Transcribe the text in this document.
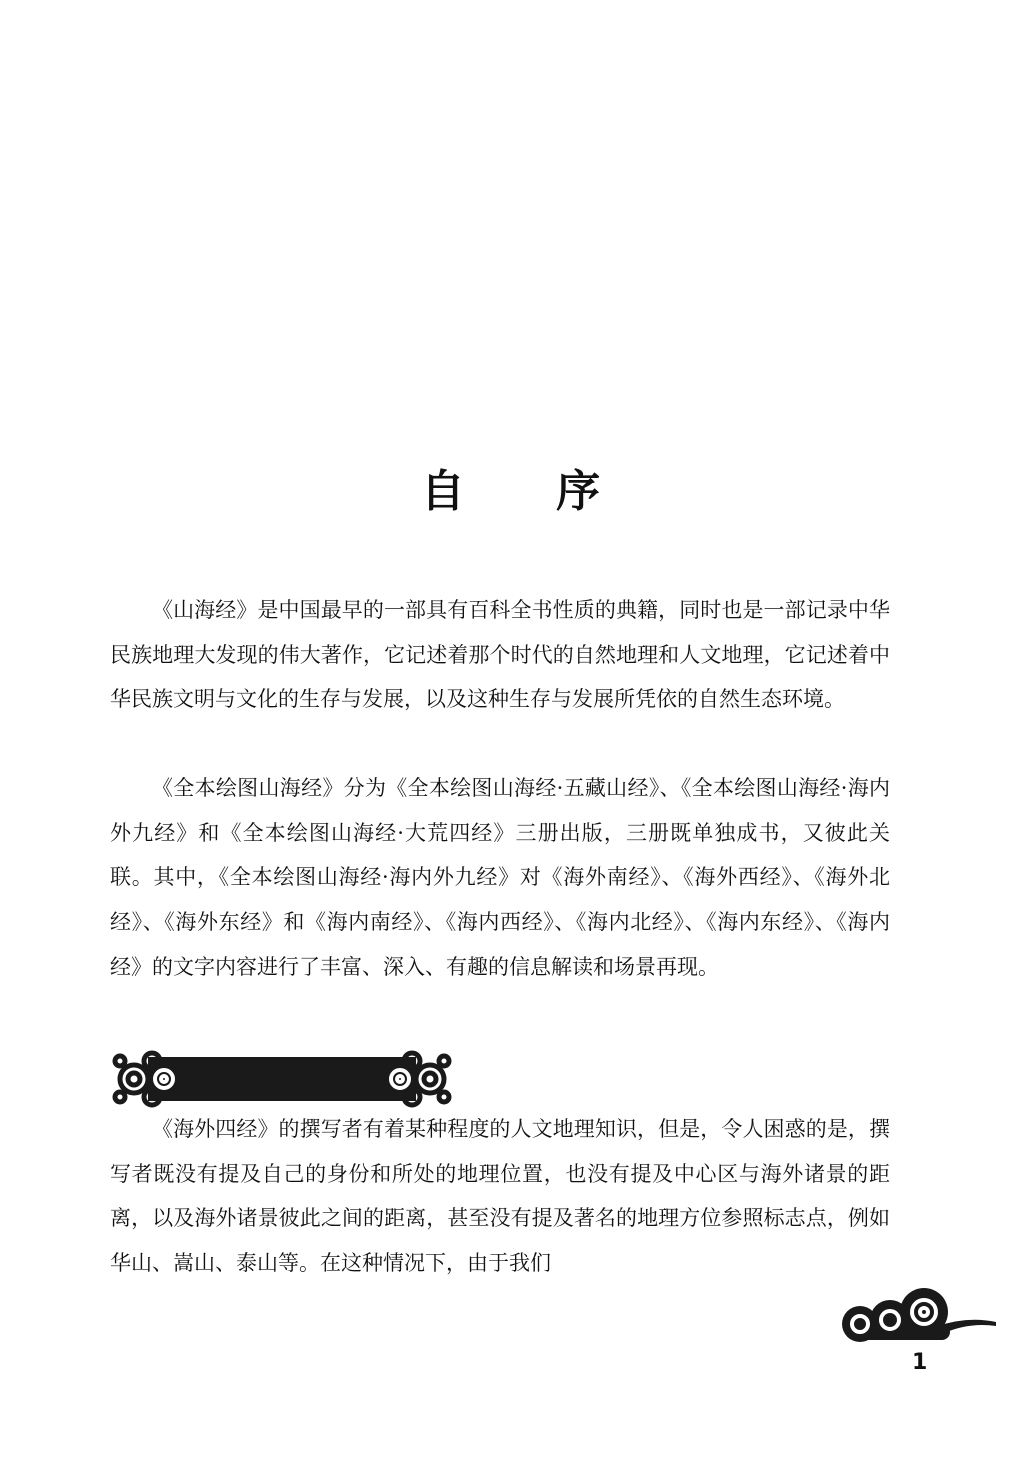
自 序

《山海经》是中国最早的一部具有百科全书性质的典籍，同时也是一部记录中华民族地理大发现的伟大著作，它记述着那个时代的自然地理和人文地理，它记述着中华民族文明与文化的生存与发展，以及这种生存与发展所凭依的自然生态环境。

《全本绘图山海经》分为《全本绘图山海经·五藏山经》、《全本绘图山海经·海内外九经》和《全本绘图山海经·大荒四经》三册出版，三册既单独成书，又彼此关联。其中，《全本绘图山海经·海内外九经》对《海外南经》、《海外西经》、《海外北经》、《海外东经》和《海内南经》、《海内西经》、《海内北经》、《海内东经》、《海内经》的文字内容进行了丰富、深入、有趣的信息解读和场景再现。

《海外四经》的撰写者有着某种程度的人文地理知识，但是，令人困惑的是，撰写者既没有提及自己的身份和所处的地理位置，也没有提及中心区与海外诸景的距离，以及海外诸景彼此之间的距离，甚至没有提及著名的地理方位参照标志点，例如华山、嵩山、泰山等。在这种情况下，由于我们

1
